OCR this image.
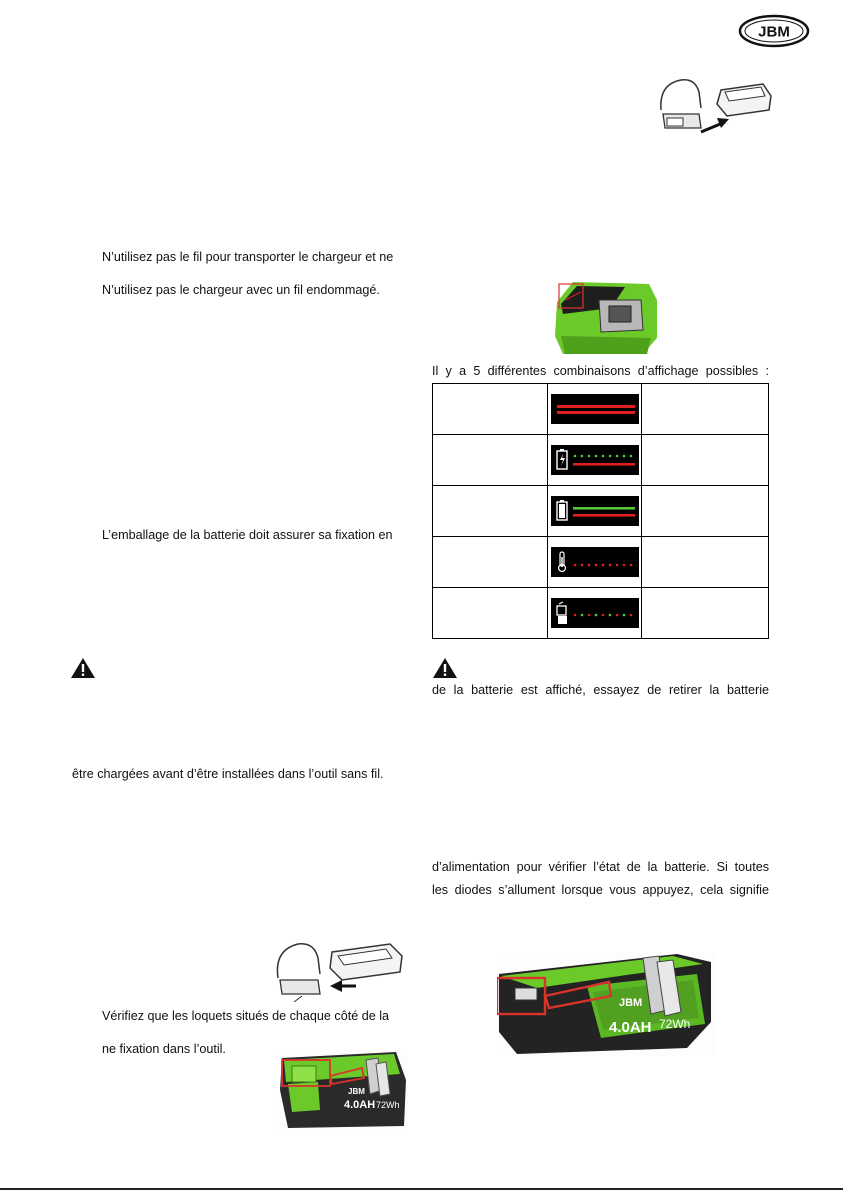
JBM
N’utilisez pas le fil pour transporter le chargeur et ne
N’utilisez pas le chargeur avec un fil endommagé.
L’emballage de la batterie doit assurer sa fixation en
être chargées avant d’être installées dans l’outil sans fil.
Vérifiez que les loquets situés de chaque côté de la
ne fixation dans l’outil.
4.0AH 72Wh
JBM
Il y a 5 différentes combinaisons d’affichage possibles :

de la batterie est affiché, essayez de retirer la batterie
d’alimentation pour vérifier l’état de la batterie. Si toutes
les diodes s’allument lorsque vous appuyez, cela signifie
JBM
4.0AH 72Wh
